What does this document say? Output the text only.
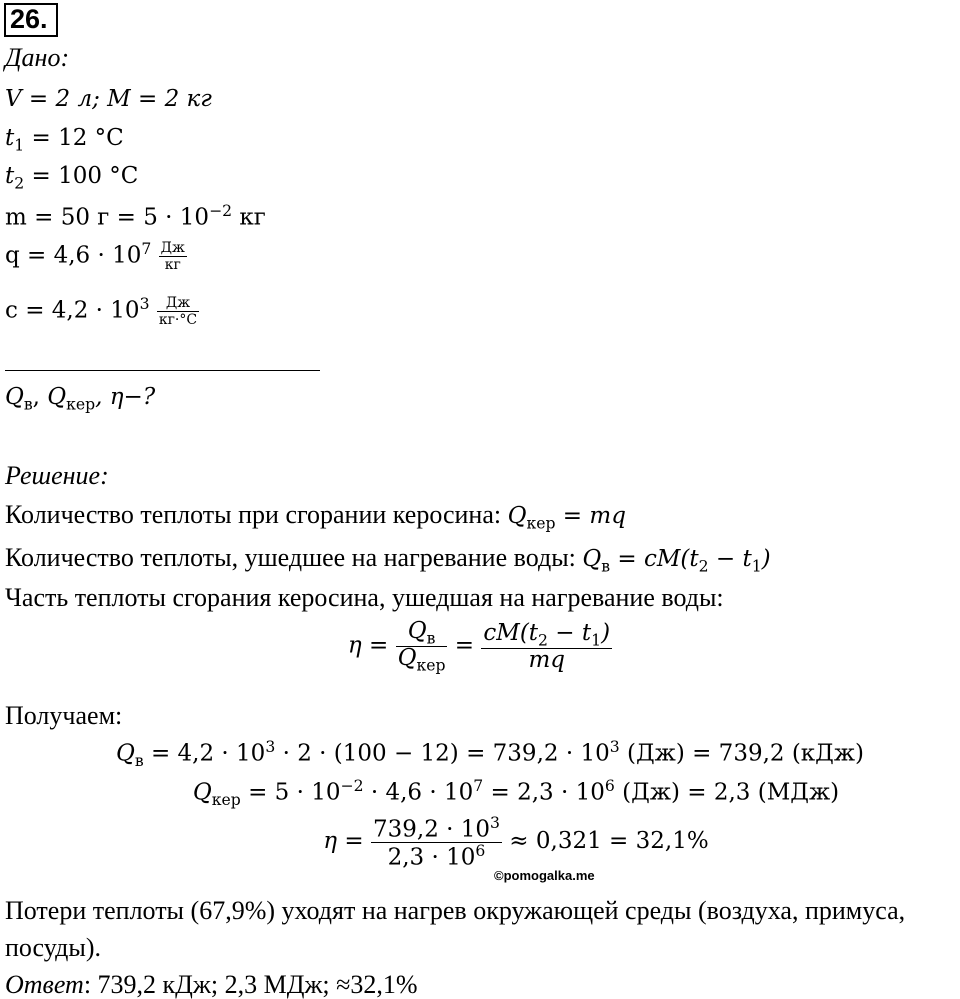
26.
Дано:
V = 2 л; M = 2 кг
$t_1 = 12$ °C
$t_2 = 100$ °C
m = 50 $г = 5 \cdot 10^{-2}$ кг
$q = 4,6 \cdot 10^7 \frac{Дж}{кг}$
$c = 4,2 \cdot 10^3 \frac{Дж}{кг\cdot^\circ C}$
$Q_в$, $Q_{кер}$, η−?
Решение:
Количество теплоты при сгорании керосина: $Q_{кер}$ = mq
Количество теплоты, ушедшее на нагревание воды: $Q_в = cM(t_2 - t_1)$
Часть теплоты сгорания керосина, ушедшая на нагревание воды:
$\eta = \frac{Q_в}{Q_{кер}} = \frac{cM(t_2 - t_1)}{mq}$
Получаем:
$Q_в = 4,2 \cdot 10^3 \cdot 2 \cdot (100 - 12) = 739,2 \cdot 10^3$ (Дж) = 739,2 (кДж)
$Q_{кер} = 5 \cdot 10^{-2} \cdot 4,6 \cdot 10^7 = 2,3 \cdot 10^6$ (Дж) = 2,3 (МДж)
$\eta = \frac{739,2 \cdot 10^3}{2,3 \cdot 10^6} \approx 0,321 = 32,1\%$
©pomogalka.me
Потери теплоты (67,9%) уходят на нагрев окружающей среды (воздуха, примуса,
посуды).
Ответ: 739,2 кДж; 2,3 МДж; ≈32,1%
